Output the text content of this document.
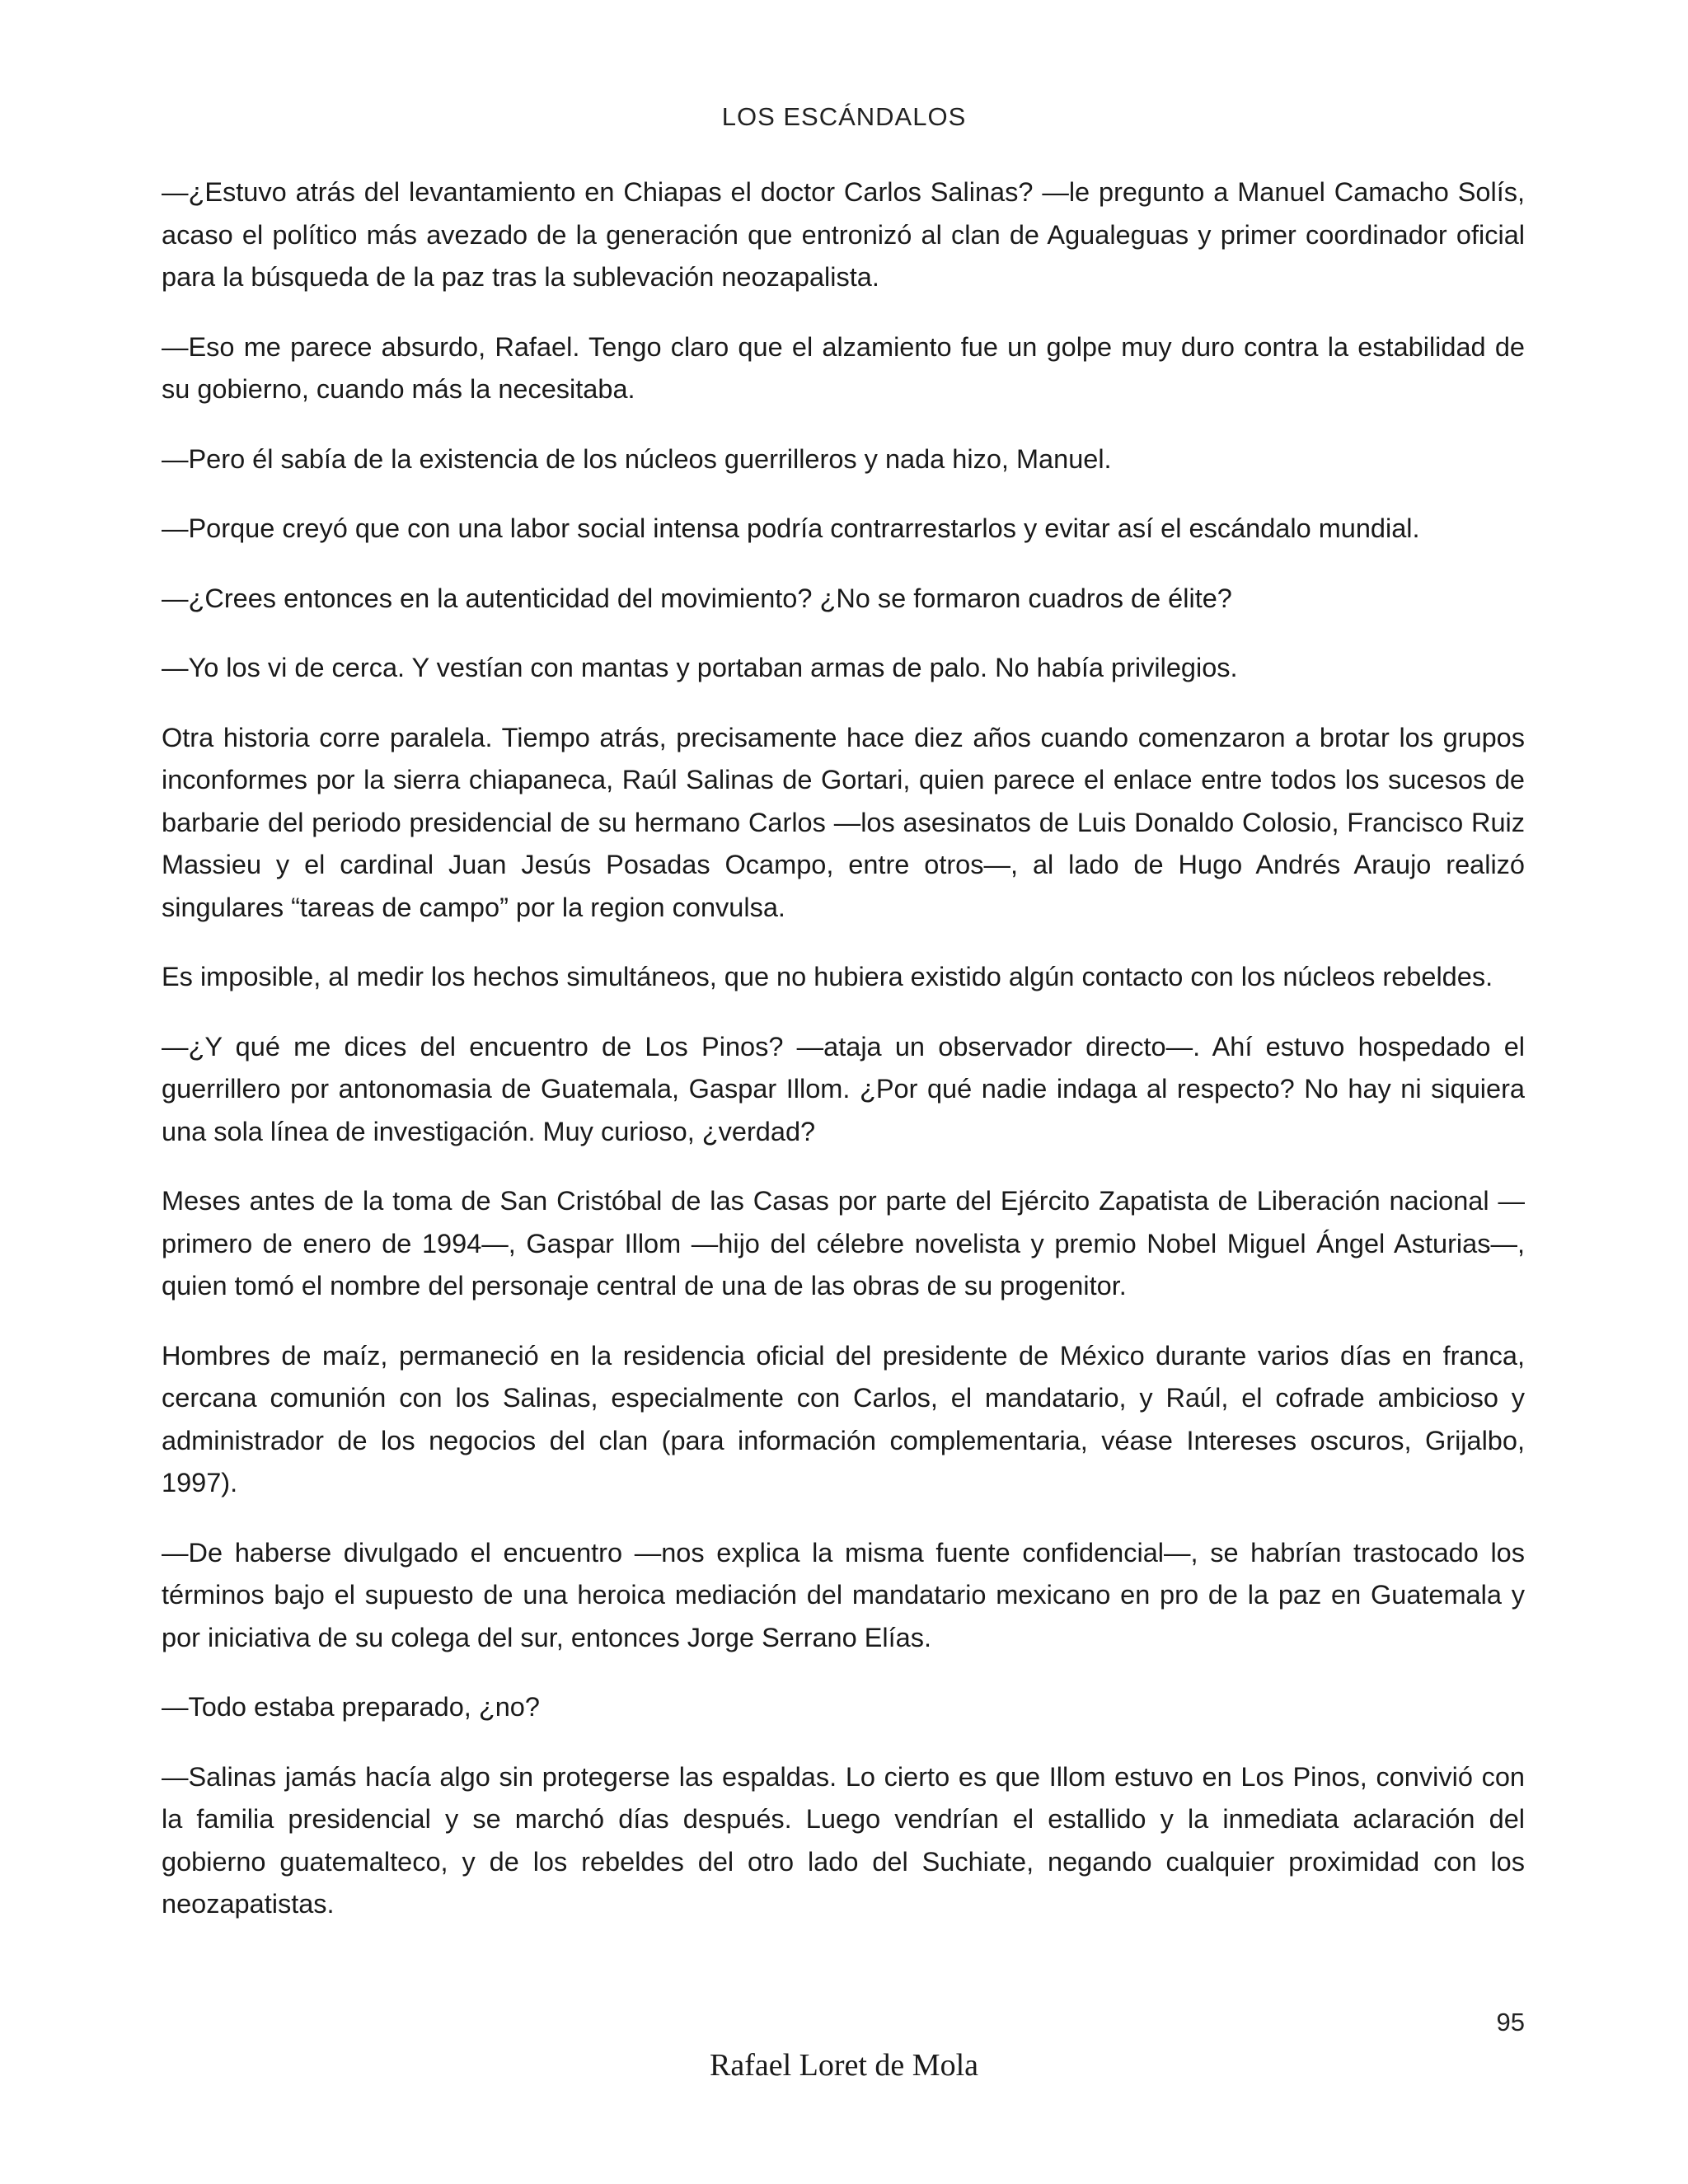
LOS ESCÁNDALOS

—¿Estuvo atrás del levantamiento en Chiapas el doctor Carlos Salinas? —le pregunto a Manuel Camacho Solís, acaso el político más avezado de la generación que entronizó al clan de Agualeguas y primer coordinador oficial para la búsqueda de la paz tras la sublevación neozapalista.

—Eso me parece absurdo, Rafael. Tengo claro que el alzamiento fue un golpe muy duro contra la estabilidad de su gobierno, cuando más la necesitaba.

—Pero él sabía de la existencia de los núcleos guerrilleros y nada hizo, Manuel.

—Porque creyó que con una labor social intensa podría contrarrestarlos y evitar así el escándalo mundial.

—¿Crees entonces en la autenticidad del movimiento? ¿No se formaron cuadros de élite?

—Yo los vi de cerca. Y vestían con mantas y portaban armas de palo. No había privilegios.

Otra historia corre paralela. Tiempo atrás, precisamente hace diez años cuando comenzaron a brotar los grupos inconformes por la sierra chiapaneca, Raúl Salinas de Gortari, quien parece el enlace entre todos los sucesos de barbarie del periodo presidencial de su hermano Carlos —los asesinatos de Luis Donaldo Colosio, Francisco Ruiz Massieu y el cardinal Juan Jesús Posadas Ocampo, entre otros—, al lado de Hugo Andrés Araujo realizó singulares “tareas de campo” por la region convulsa.

Es imposible, al medir los hechos simultáneos, que no hubiera existido algún contacto con los núcleos rebeldes.

—¿Y qué me dices del encuentro de Los Pinos? —ataja un observador directo—. Ahí estuvo hospedado el guerrillero por antonomasia de Guatemala, Gaspar Illom. ¿Por qué nadie indaga al respecto? No hay ni siquiera una sola línea de investigación. Muy curioso, ¿verdad?

Meses antes de la toma de San Cristóbal de las Casas por parte del Ejército Zapatista de Liberación nacional —primero de enero de 1994—, Gaspar Illom —hijo del célebre novelista y premio Nobel Miguel Ángel Asturias—, quien tomó el nombre del personaje central de una de las obras de su progenitor.

Hombres de maíz, permaneció en la residencia oficial del presidente de México durante varios días en franca, cercana comunión con los Salinas, especialmente con Carlos, el mandatario, y Raúl, el cofrade ambicioso y administrador de los negocios del clan (para información complementaria, véase Intereses oscuros, Grijalbo, 1997).

—De haberse divulgado el encuentro —nos explica la misma fuente confidencial—, se habrían trastocado los términos bajo el supuesto de una heroica mediación del mandatario mexicano en pro de la paz en Guatemala y por iniciativa de su colega del sur, entonces Jorge Serrano Elías.

—Todo estaba preparado, ¿no?

—Salinas jamás hacía algo sin protegerse las espaldas. Lo cierto es que Illom estuvo en Los Pinos, convivió con la familia presidencial y se marchó días después. Luego vendrían el estallido y la inmediata aclaración del gobierno guatemalteco, y de los rebeldes del otro lado del Suchiate, negando cualquier proximidad con los neozapatistas.

95
Rafael Loret de Mola
